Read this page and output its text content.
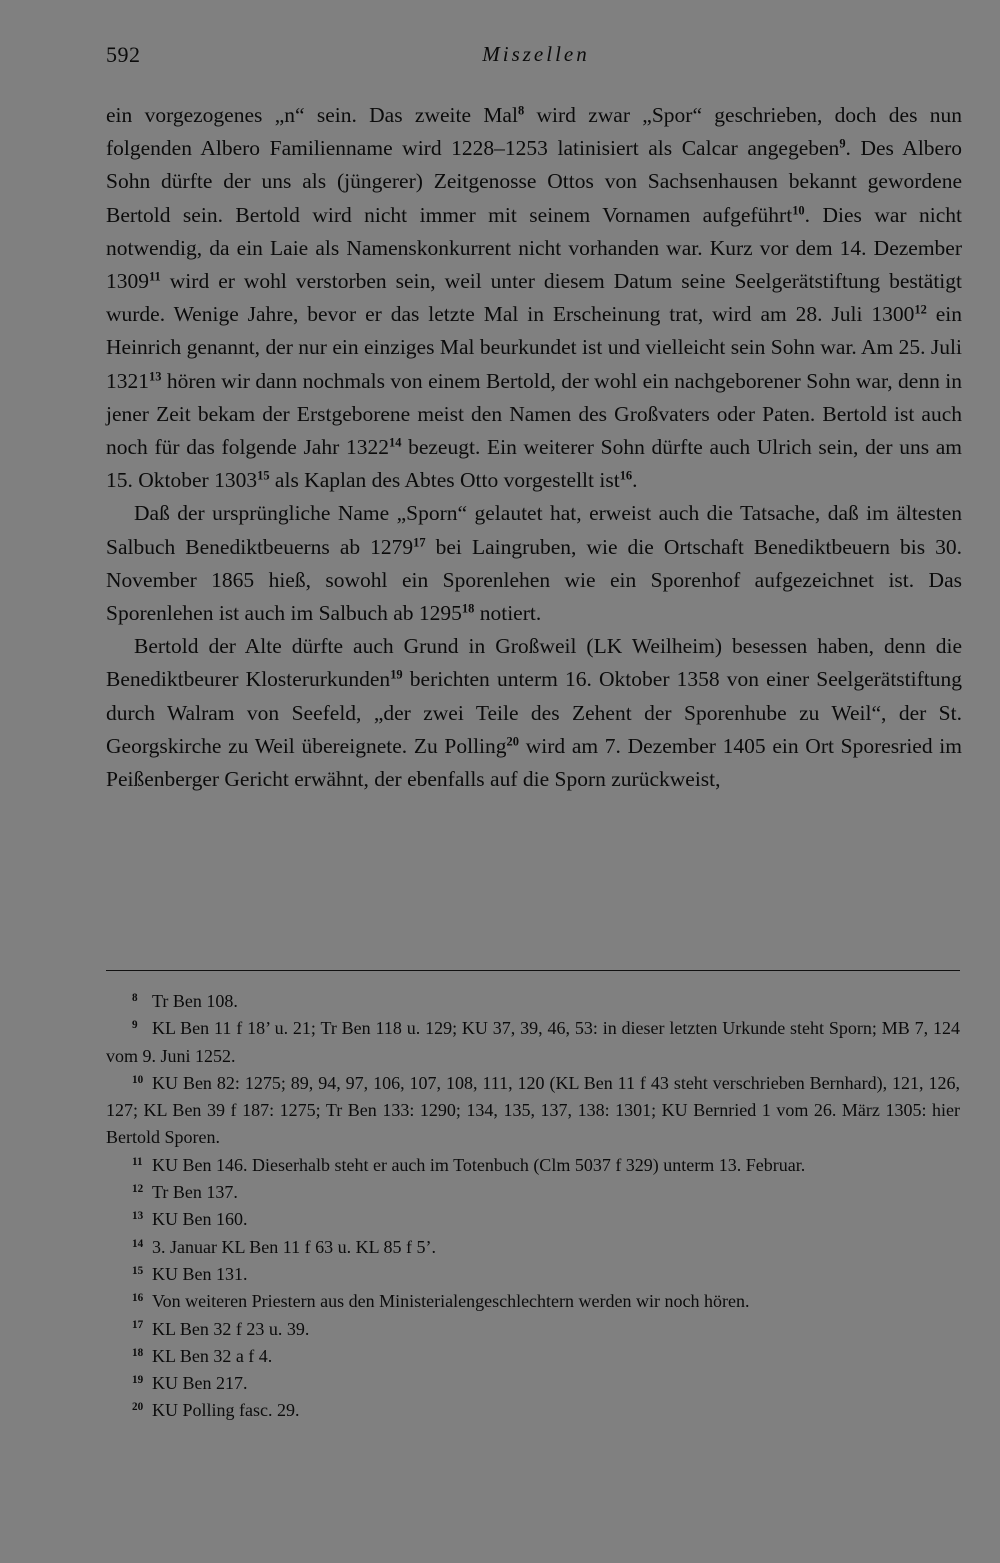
592	Miszellen

ein vorgezogenes „n“ sein. Das zweite Mal$^8$ wird zwar „Spor“ geschrieben, doch des nun folgenden Albero Familienname wird 1228–1253 latinisiert als Calcar angegeben$^9$. Des Albero Sohn dürfte der uns als (jüngerer) Zeitgenosse Ottos von Sachsenhausen bekannt gewordene Bertold sein. Bertold wird nicht immer mit seinem Vornamen aufgeführt$^{10}$. Dies war nicht notwendig, da ein Laie als Namenskonkurrent nicht vorhanden war. Kurz vor dem 14. Dezember 1309$^{11}$ wird er wohl verstorben sein, weil unter diesem Datum seine Seelgerätstiftung bestätigt wurde. Wenige Jahre, bevor er das letzte Mal in Erscheinung trat, wird am 28. Juli 1300$^{12}$ ein Heinrich genannt, der nur ein einziges Mal beurkundet ist und vielleicht sein Sohn war. Am 25. Juli 1321$^{13}$ hören wir dann nochmals von einem Bertold, der wohl ein nachgeborener Sohn war, denn in jener Zeit bekam der Erstgeborene meist den Namen des Großvaters oder Paten. Bertold ist auch noch für das folgende Jahr 1322$^{14}$ bezeugt. Ein weiterer Sohn dürfte auch Ulrich sein, der uns am 15. Oktober 1303$^{15}$ als Kaplan des Abtes Otto vorgestellt ist$^{16}$.

Daß der ursprüngliche Name „Sporn“ gelautet hat, erweist auch die Tatsache, daß im ältesten Salbuch Benediktbeuerns ab 1279$^{17}$ bei Laingruben, wie die Ortschaft Benediktbeuern bis 30. November 1865 hieß, sowohl ein Sporenlehen wie ein Sporenhof aufgezeichnet ist. Das Sporenlehen ist auch im Salbuch ab 1295$^{18}$ notiert.

Bertold der Alte dürfte auch Grund in Großweil (LK Weilheim) besessen haben, denn die Benediktbeurer Klosterurkunden$^{19}$ berichten unterm 16. Oktober 1358 von einer Seelgerätstiftung durch Walram von Seefeld, „der zwei Teile des Zehent der Sporenhube zu Weil“, der St. Georgskirche zu Weil übereignete. Zu Polling$^{20}$ wird am 7. Dezember 1405 ein Ort Sporesried im Peißenberger Gericht erwähnt, der ebenfalls auf die Sporn zurückweist,

8 Tr Ben 108.

9 KL Ben 11 f 18’ u. 21; Tr Ben 118 u. 129; KU 37, 39, 46, 53: in dieser letzten Urkunde steht Sporn; MB 7, 124 vom 9. Juni 1252.

10 KU Ben 82: 1275; 89, 94, 97, 106, 107, 108, 111, 120 (KL Ben 11 f 43 steht verschrieben Bernhard), 121, 126, 127; KL Ben 39 f 187: 1275; Tr Ben 133: 1290; 134, 135, 137, 138: 1301; KU Bernried 1 vom 26. März 1305: hier Bertold Sporen.

11 KU Ben 146. Dieserhalb steht er auch im Totenbuch (Clm 5037 f 329) unterm 13. Februar.

12 Tr Ben 137.

13 KU Ben 160.

14 3. Januar KL Ben 11 f 63 u. KL 85 f 5’.

15 KU Ben 131.

16 Von weiteren Priestern aus den Ministerialengeschlechtern werden wir noch hören.

17 KL Ben 32 f 23 u. 39.

18 KL Ben 32 a f 4.

19 KU Ben 217.

20 KU Polling fasc. 29.
